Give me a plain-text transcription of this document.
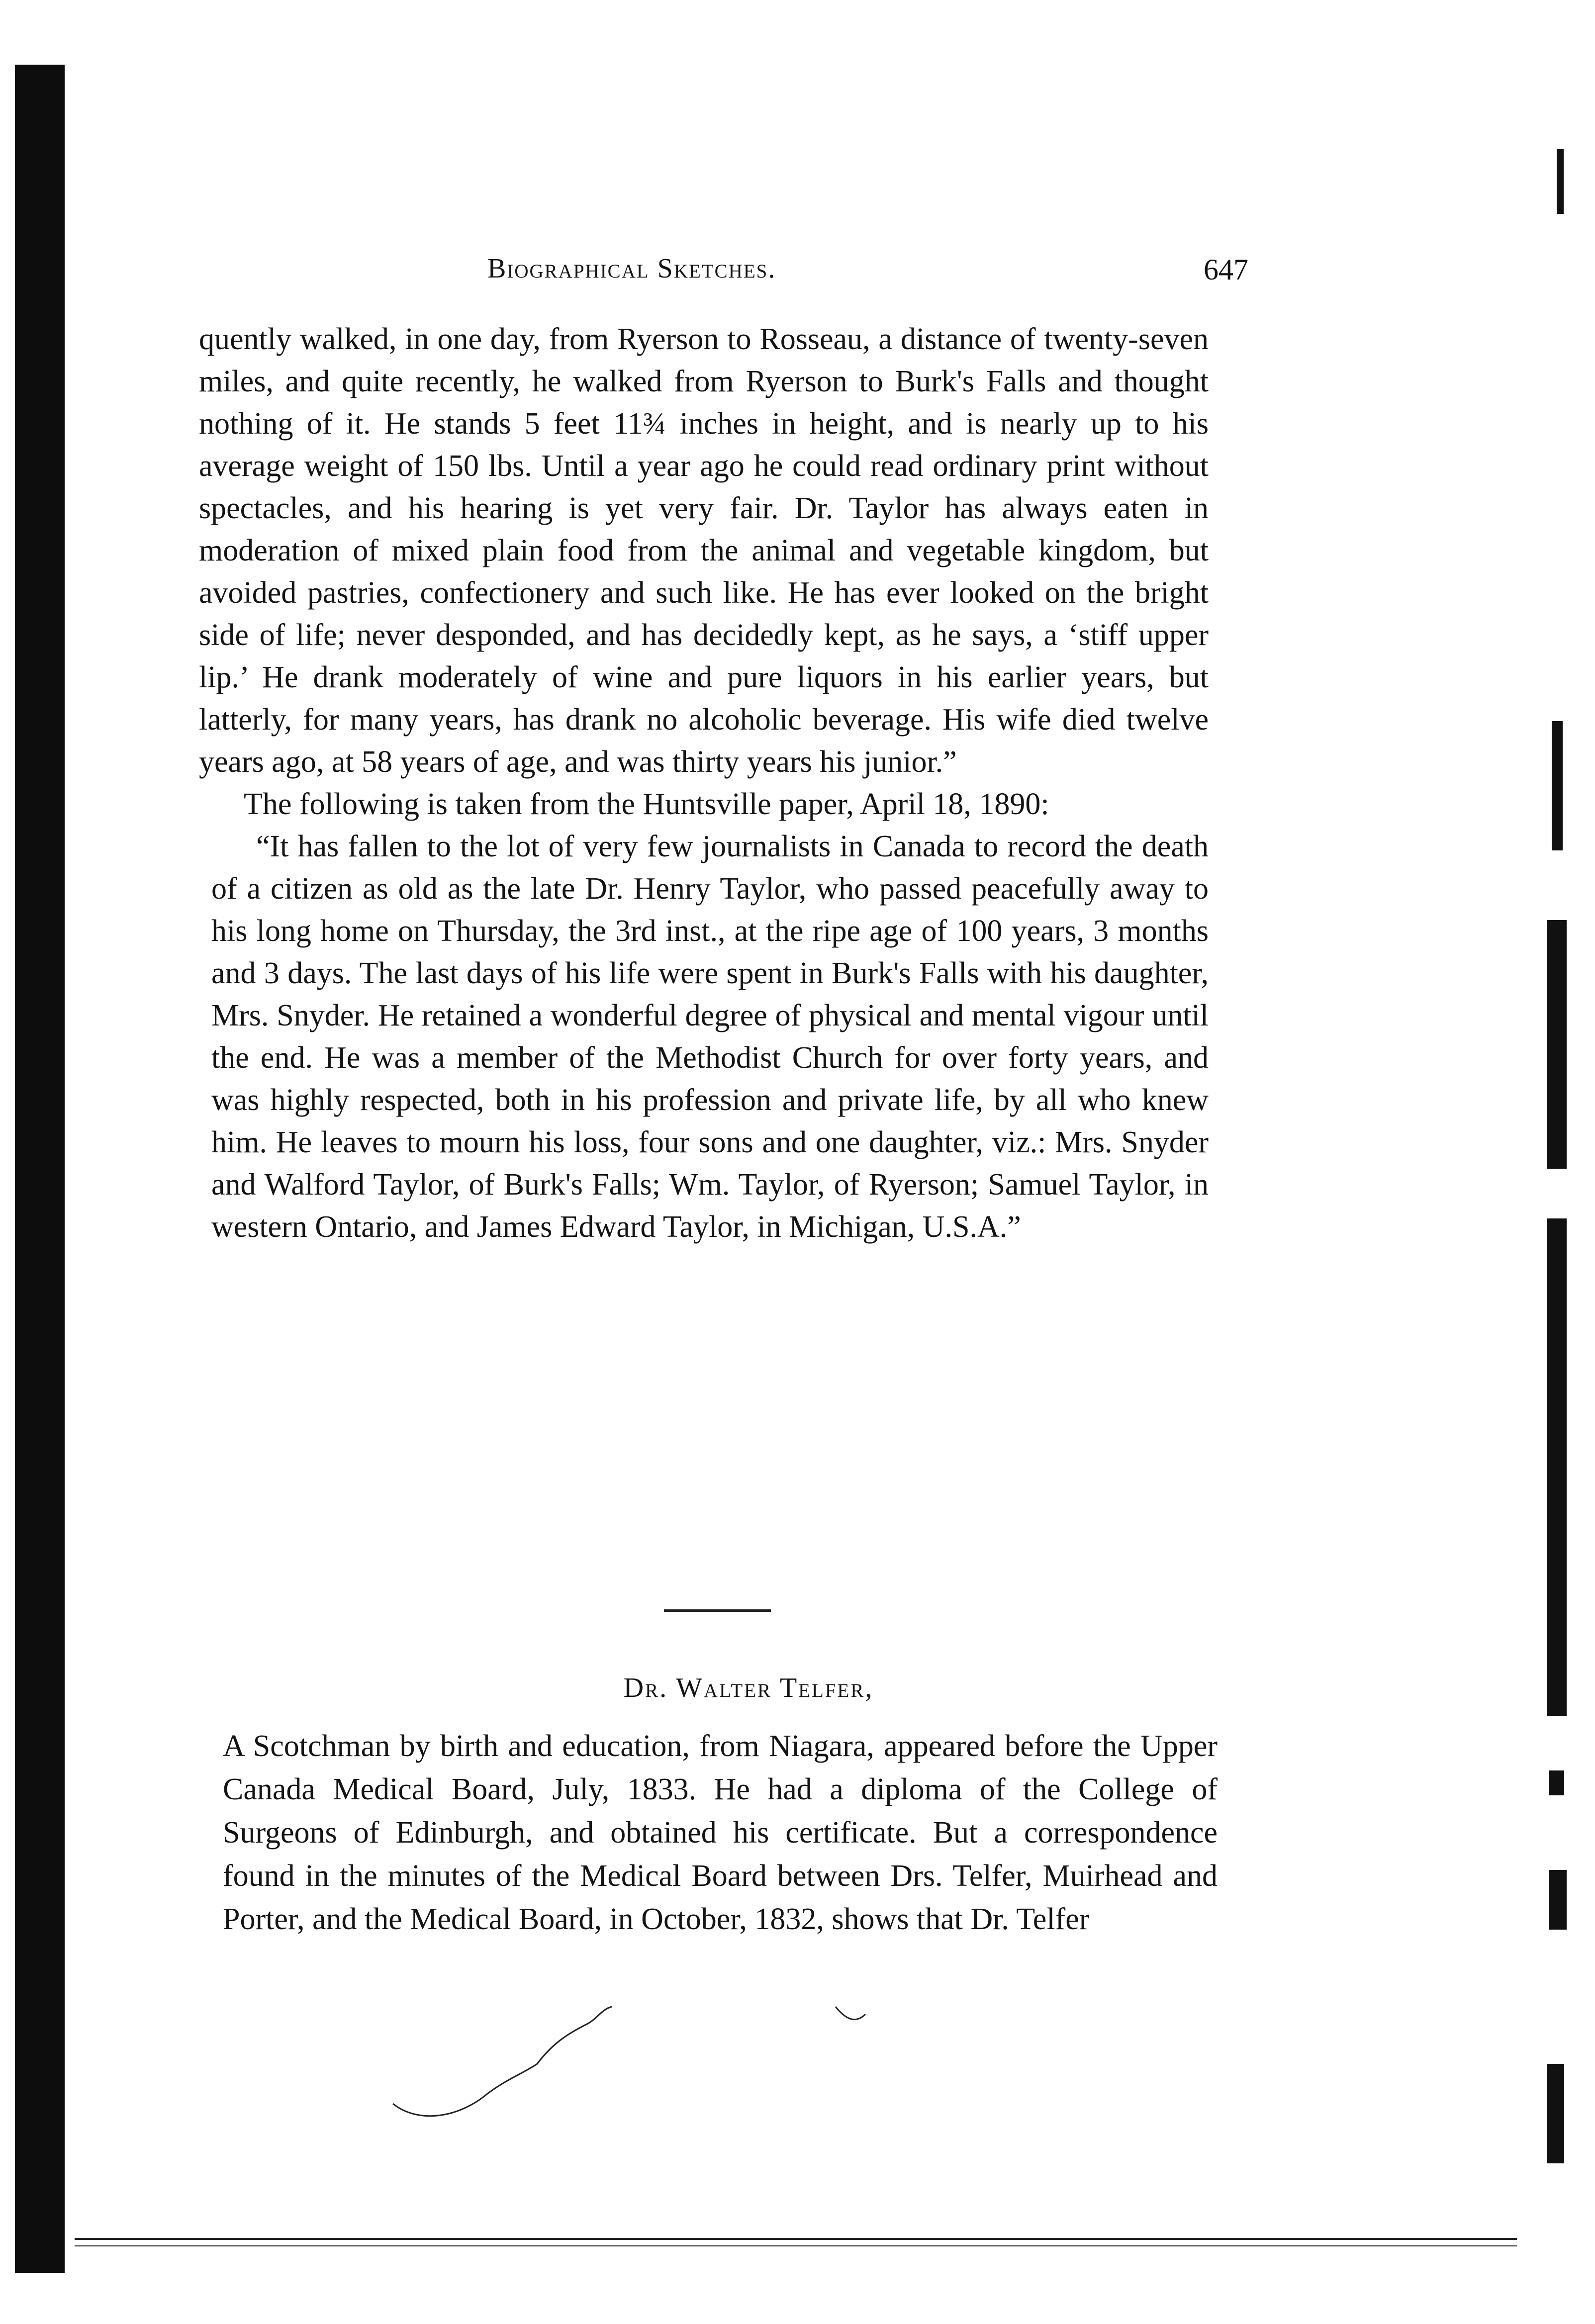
Biographical Sketches.	647

quently walked, in one day, from Ryerson to Rosseau, a distance of twenty-seven miles, and quite recently, he walked from Ryerson to Burk's Falls and thought nothing of it. He stands 5 feet 11¾ inches in height, and is nearly up to his average weight of 150 lbs. Until a year ago he could read ordinary print without spectacles, and his hearing is yet very fair. Dr. Taylor has always eaten in moderation of mixed plain food from the animal and vegetable kingdom, but avoided pastries, confectionery and such like. He has ever looked on the bright side of life; never desponded, and has decidedly kept, as he says, a ‘stiff upper lip.’ He drank moderately of wine and pure liquors in his earlier years, but latterly, for many years, has drank no alcoholic beverage. His wife died twelve years ago, at 58 years of age, and was thirty years his junior.”

The following is taken from the Huntsville paper, April 18, 1890:

“It has fallen to the lot of very few journalists in Canada to record the death of a citizen as old as the late Dr. Henry Taylor, who passed peacefully away to his long home on Thursday, the 3rd inst., at the ripe age of 100 years, 3 months and 3 days. The last days of his life were spent in Burk's Falls with his daughter, Mrs. Snyder. He retained a wonderful degree of physical and mental vigour until the end. He was a member of the Methodist Church for over forty years, and was highly respected, both in his profession and private life, by all who knew him. He leaves to mourn his loss, four sons and one daughter, viz.: Mrs. Snyder and Walford Taylor, of Burk's Falls; Wm. Taylor, of Ryerson; Samuel Taylor, in western Ontario, and James Edward Taylor, in Michigan, U.S.A.”

Dr. Walter Telfer,

A Scotchman by birth and education, from Niagara, appeared before the Upper Canada Medical Board, July, 1833. He had a diploma of the College of Surgeons of Edinburgh, and obtained his certificate. But a correspondence found in the minutes of the Medical Board between Drs. Telfer, Muirhead and Porter, and the Medical Board, in October, 1832, shows that Dr. Telfer
